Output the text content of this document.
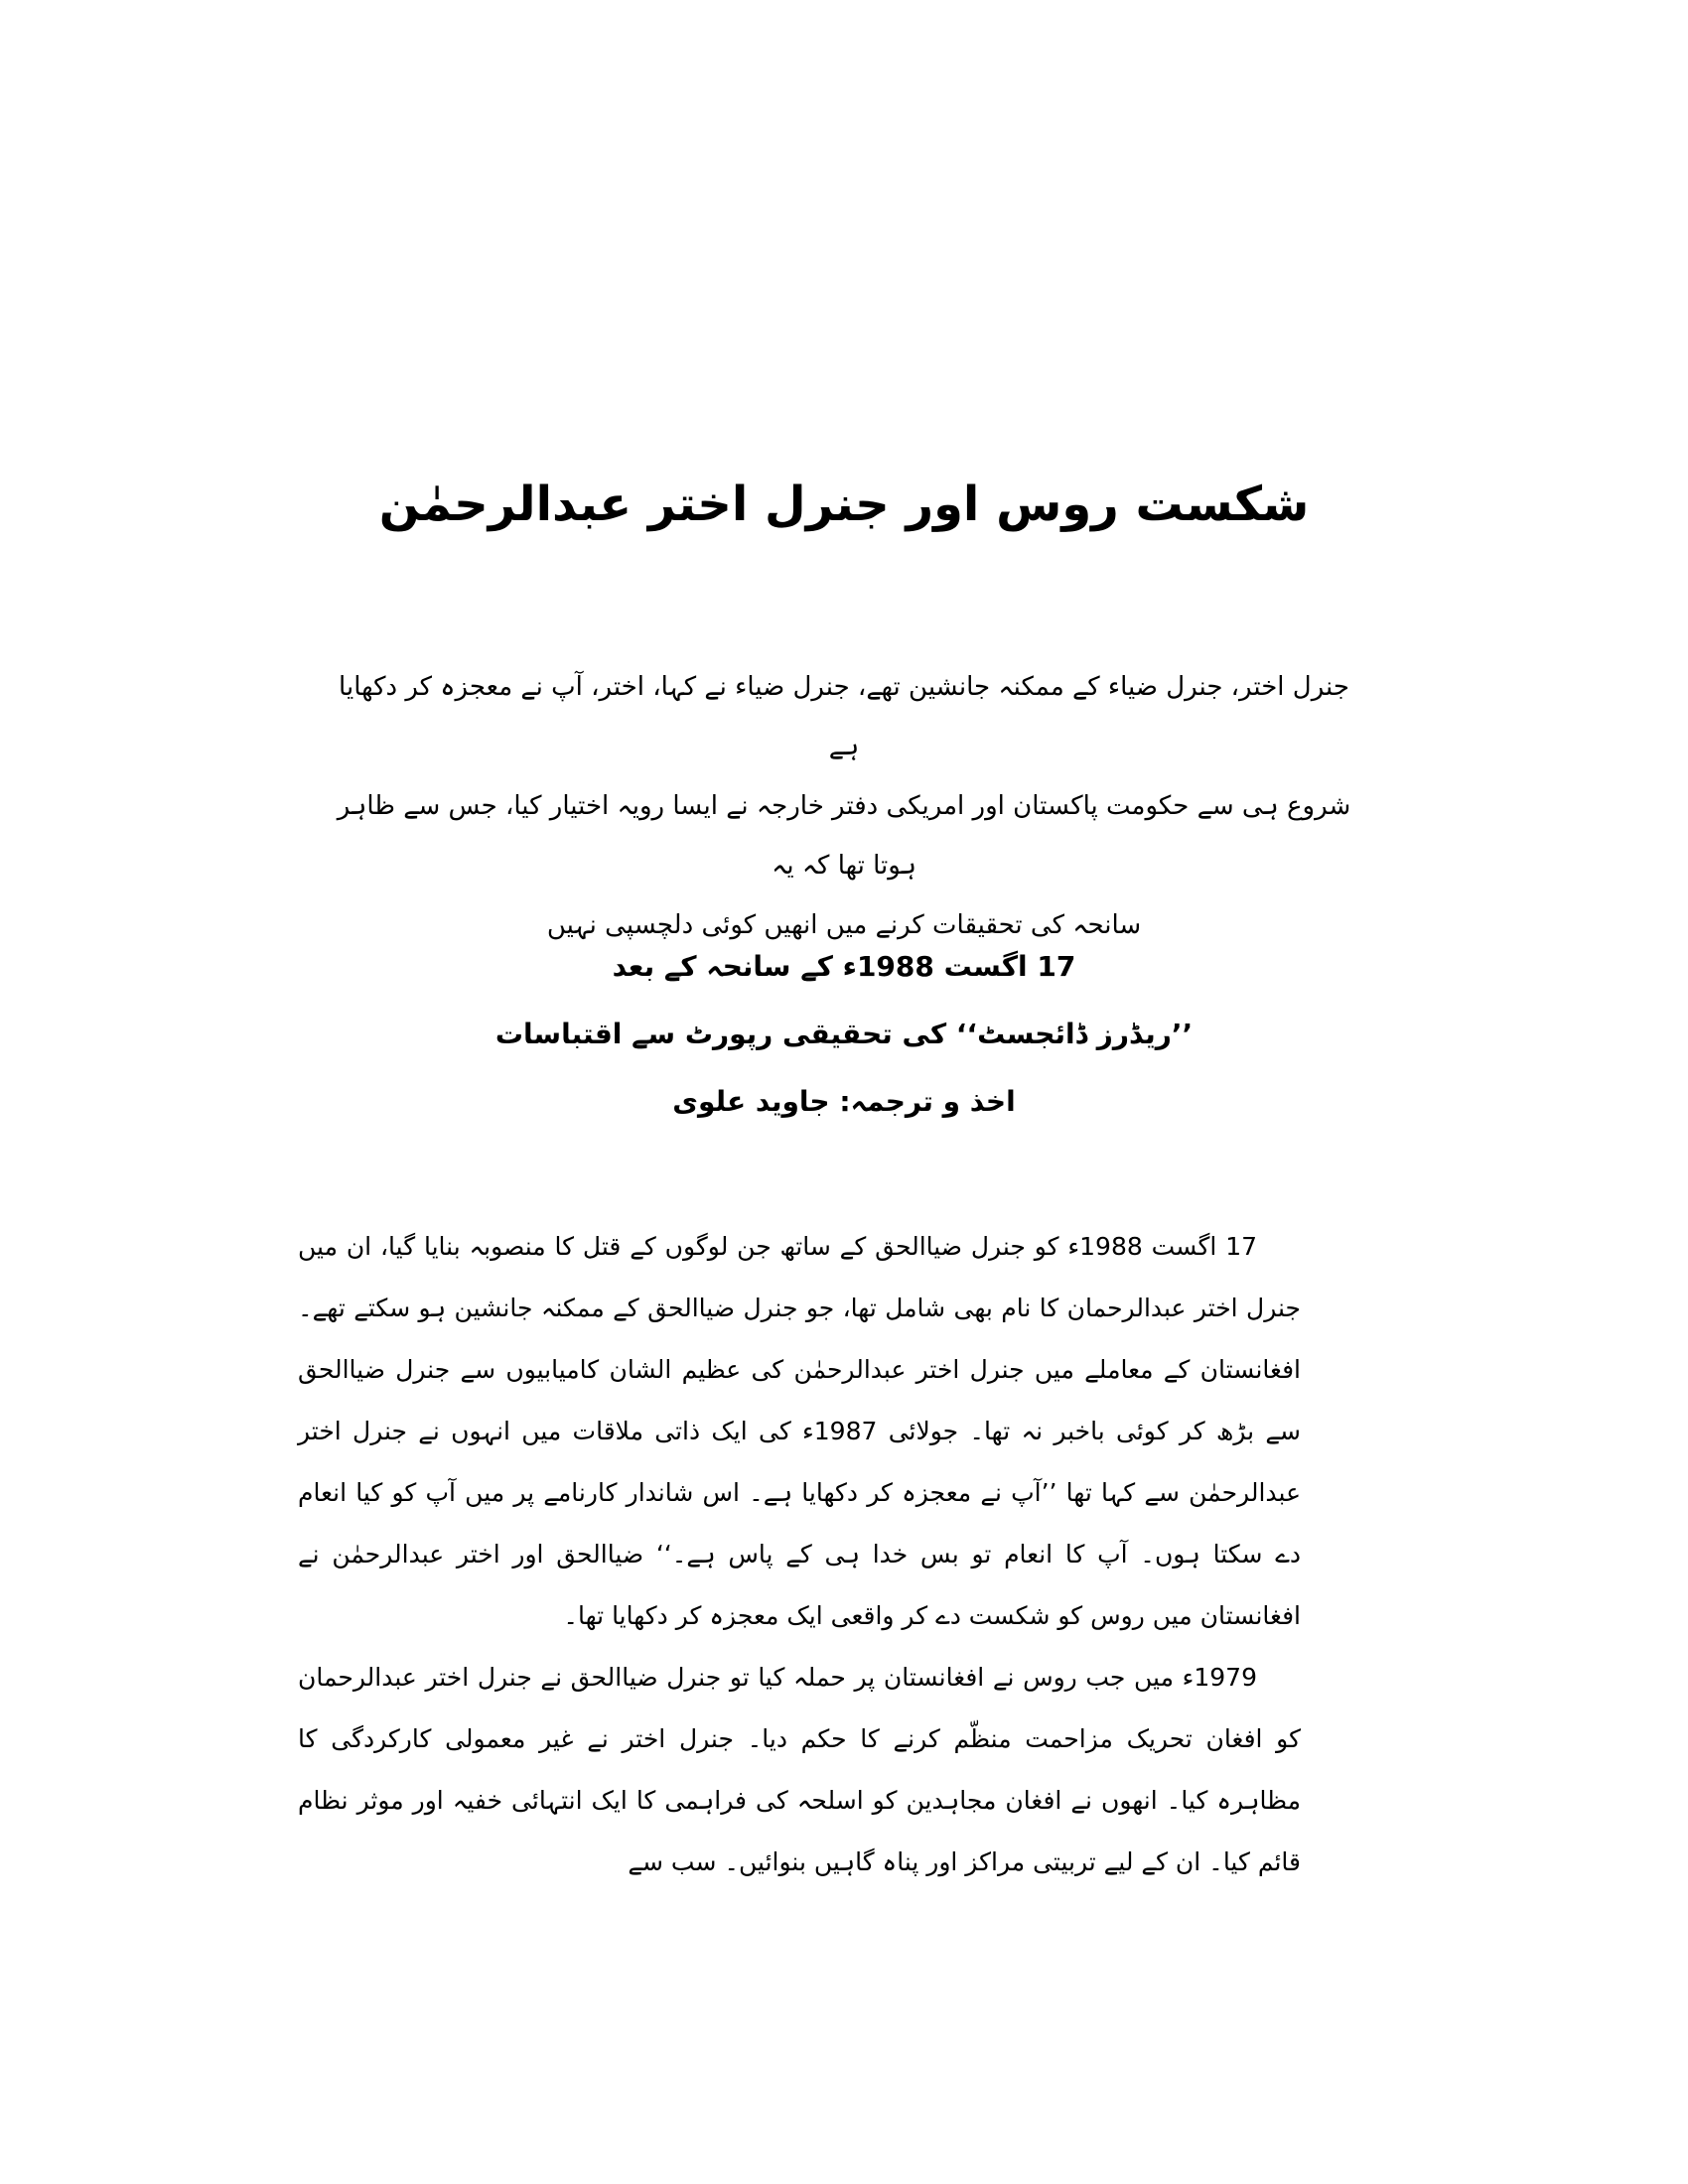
شکست روس اور جنرل اختر عبدالرحمٰن

جنرل اختر، جنرل ضیاء کے ممکنہ جانشین تھے، جنرل ضیاء نے کہا، اختر، آپ نے معجزہ کر دکھایا ہے

شروع ہی سے حکومت پاکستان اور امریکی دفتر خارجہ نے ایسا رویہ اختیار کیا، جس سے ظاہر ہوتا تھا کہ یہ

سانحہ کی تحقیقات کرنے میں انھیں کوئی دلچسپی نہیں

17 اگست 1988ء کے سانحہ کے بعد

’’ریڈرز ڈائجسٹ‘‘ کی تحقیقی رپورٹ سے اقتباسات

اخذ و ترجمہ: جاوید علوی

17 اگست 1988ء کو جنرل ضیاالحق کے ساتھ جن لوگوں کے قتل کا منصوبہ بنایا گیا، ان میں جنرل اختر عبدالرحمان کا نام بھی شامل تھا، جو جنرل ضیاالحق کے ممکنہ جانشین ہو سکتے تھے۔ افغانستان کے معاملے میں جنرل اختر عبدالرحمٰن کی عظیم الشان کامیابیوں سے جنرل ضیاالحق سے بڑھ کر کوئی باخبر نہ تھا۔ جولائی 1987ء کی ایک ذاتی ملاقات میں انہوں نے جنرل اختر عبدالرحمٰن سے کہا تھا ’’آپ نے معجزہ کر دکھایا ہے۔ اس شاندار کارنامے پر میں آپ کو کیا انعام دے سکتا ہوں۔ آپ کا انعام تو بس خدا ہی کے پاس ہے۔‘‘ ضیاالحق اور اختر عبدالرحمٰن نے افغانستان میں روس کو شکست دے کر واقعی ایک معجزہ کر دکھایا تھا۔

1979ء میں جب روس نے افغانستان پر حملہ کیا تو جنرل ضیاالحق نے جنرل اختر عبدالرحمان کو افغان تحریک مزاحمت منظّم کرنے کا حکم دیا۔ جنرل اختر نے غیر معمولی کارکردگی کا مظاہرہ کیا۔ انھوں نے افغان مجاہدین کو اسلحہ کی فراہمی کا ایک انتہائی خفیہ اور موثر نظام قائم کیا۔ ان کے لیے تربیتی مراکز اور پناہ گاہیں بنوائیں۔ سب سے
